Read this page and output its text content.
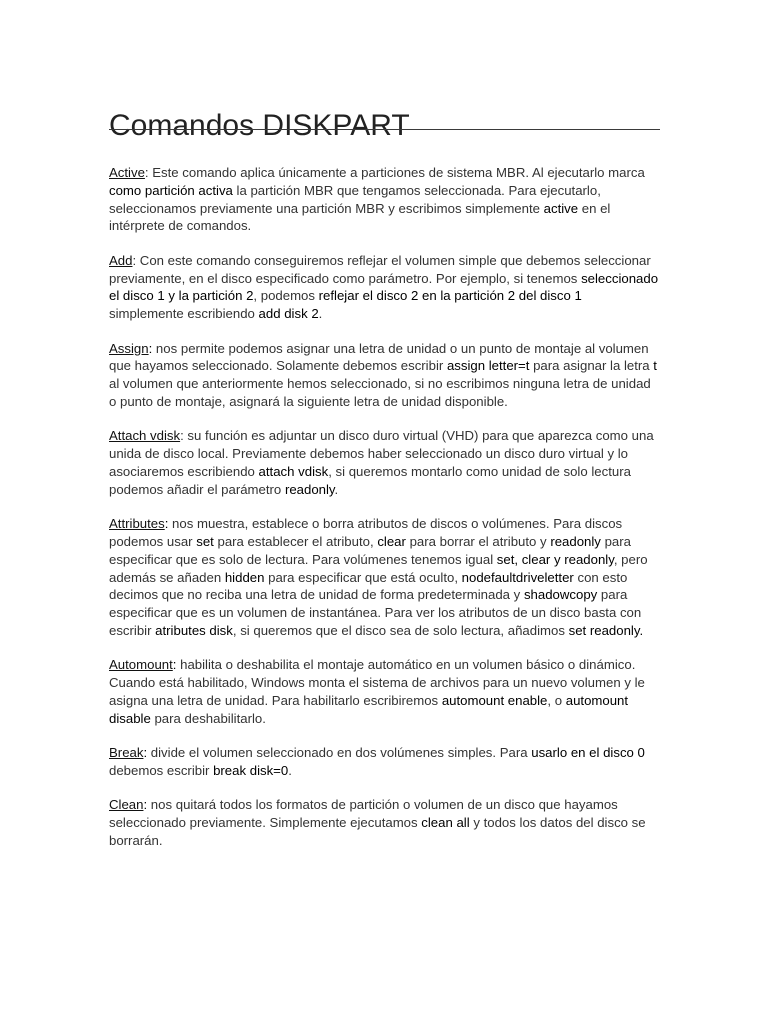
Comandos DISKPART

Active: Este comando aplica únicamente a particiones de sistema MBR. Al ejecutarlo marca como partición activa la partición MBR que tengamos seleccionada. Para ejecutarlo, seleccionamos previamente una partición MBR y escribimos simplemente active en el intérprete de comandos.

Add: Con este comando conseguiremos reflejar el volumen simple que debemos seleccionar previamente, en el disco especificado como parámetro. Por ejemplo, si tenemos seleccionado el disco 1 y la partición 2, podemos reflejar el disco 2 en la partición 2 del disco 1 simplemente escribiendo add disk 2.

Assign: nos permite podemos asignar una letra de unidad o un punto de montaje al volumen que hayamos seleccionado. Solamente debemos escribir assign letter=t para asignar la letra t al volumen que anteriormente hemos seleccionado, si no escribimos ninguna letra de unidad o punto de montaje, asignará la siguiente letra de unidad disponible.

Attach vdisk: su función es adjuntar un disco duro virtual (VHD) para que aparezca como una unida de disco local. Previamente debemos haber seleccionado un disco duro virtual y lo asociaremos escribiendo attach vdisk, si queremos montarlo como unidad de solo lectura podemos añadir el parámetro readonly.

Attributes: nos muestra, establece o borra atributos de discos o volúmenes. Para discos podemos usar set para establecer el atributo, clear para borrar el atributo y readonly para especificar que es solo de lectura. Para volúmenes tenemos igual set, clear y readonly, pero además se añaden hidden para especificar que está oculto, nodefaultdriveletter con esto decimos que no reciba una letra de unidad de forma predeterminada y shadowcopy para especificar que es un volumen de instantánea. Para ver los atributos de un disco basta con escribir atributes disk, si queremos que el disco sea de solo lectura, añadimos set readonly.

Automount: habilita o deshabilita el montaje automático en un volumen básico o dinámico. Cuando está habilitado, Windows monta el sistema de archivos para un nuevo volumen y le asigna una letra de unidad. Para habilitarlo escribiremos automount enable, o automount disable para deshabilitarlo.

Break: divide el volumen seleccionado en dos volúmenes simples. Para usarlo en el disco 0 debemos escribir break disk=0.

Clean: nos quitará todos los formatos de partición o volumen de un disco que hayamos seleccionado previamente. Simplemente ejecutamos clean all y todos los datos del disco se borrarán.
